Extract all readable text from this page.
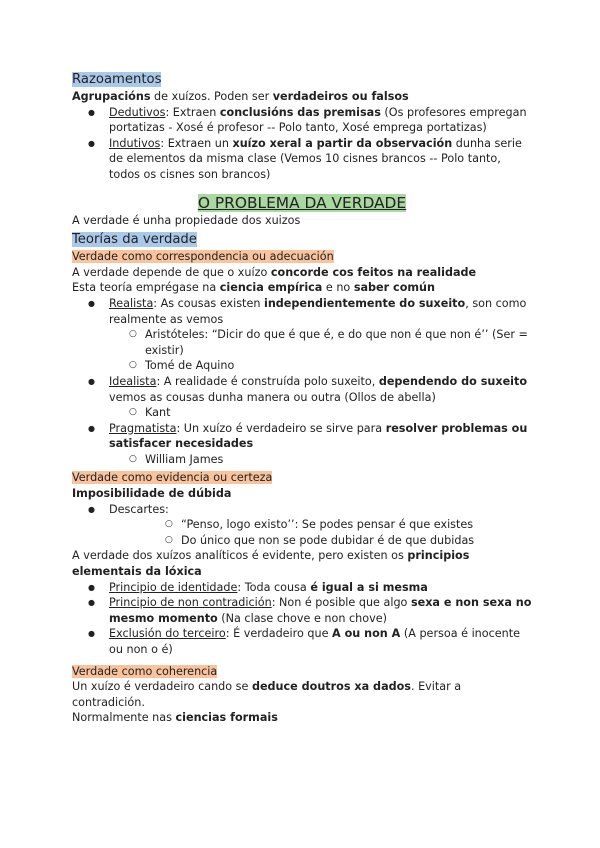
Razoamentos

Agrupacións de xuízos. Poden ser verdadeiros ou falsos

● Dedutivos: Extraen conclusións das premisas (Os profesores empregan portatizas - Xosé é profesor -- Polo tanto, Xosé emprega portatizas)
● Indutivos: Extraen un xuízo xeral a partir da observación dunha serie de elementos da misma clase (Vemos 10 cisnes brancos -- Polo tanto, todos os cisnes son brancos)

O PROBLEMA DA VERDADE

A verdade é unha propiedade dos xuizos

Teorías da verdade

Verdade como correspondencia ou adecuación

A verdade depende de que o xuízo concorde cos feitos na realidade

Esta teoría emprégase na ciencia empírica e no saber común

● Realista: As cousas existen independientemente do suxeito, son como realmente as vemos
○ Aristóteles: “Dicir do que é que é, e do que non é que non é’’ (Ser = existir)
○ Tomé de Aquino
● Idealista: A realidade é construída polo suxeito, dependendo do suxeito vemos as cousas dunha manera ou outra (Ollos de abella)
○ Kant
● Pragmatista: Un xuízo é verdadeiro se sirve para resolver problemas ou satisfacer necesidades
○ William James

Verdade como evidencia ou certeza

Imposibilidade de dúbida

● Descartes:
○ “Penso, logo existo’’: Se podes pensar é que existes
○ Do único que non se pode dubidar é de que dubidas

A verdade dos xuízos analíticos é evidente, pero existen os principios elementais da lóxica

● Principio de identidade: Toda cousa é igual a si mesma
● Principio de non contradición: Non é posible que algo sexa e non sexa no mesmo momento (Na clase chove e non chove)
● Exclusión do terceiro: É verdadeiro que A ou non A (A persoa é inocente ou non o é)

Verdade como coherencia

Un xuízo é verdadeiro cando se deduce doutros xa dados. Evitar a contradición.

Normalmente nas ciencias formais
